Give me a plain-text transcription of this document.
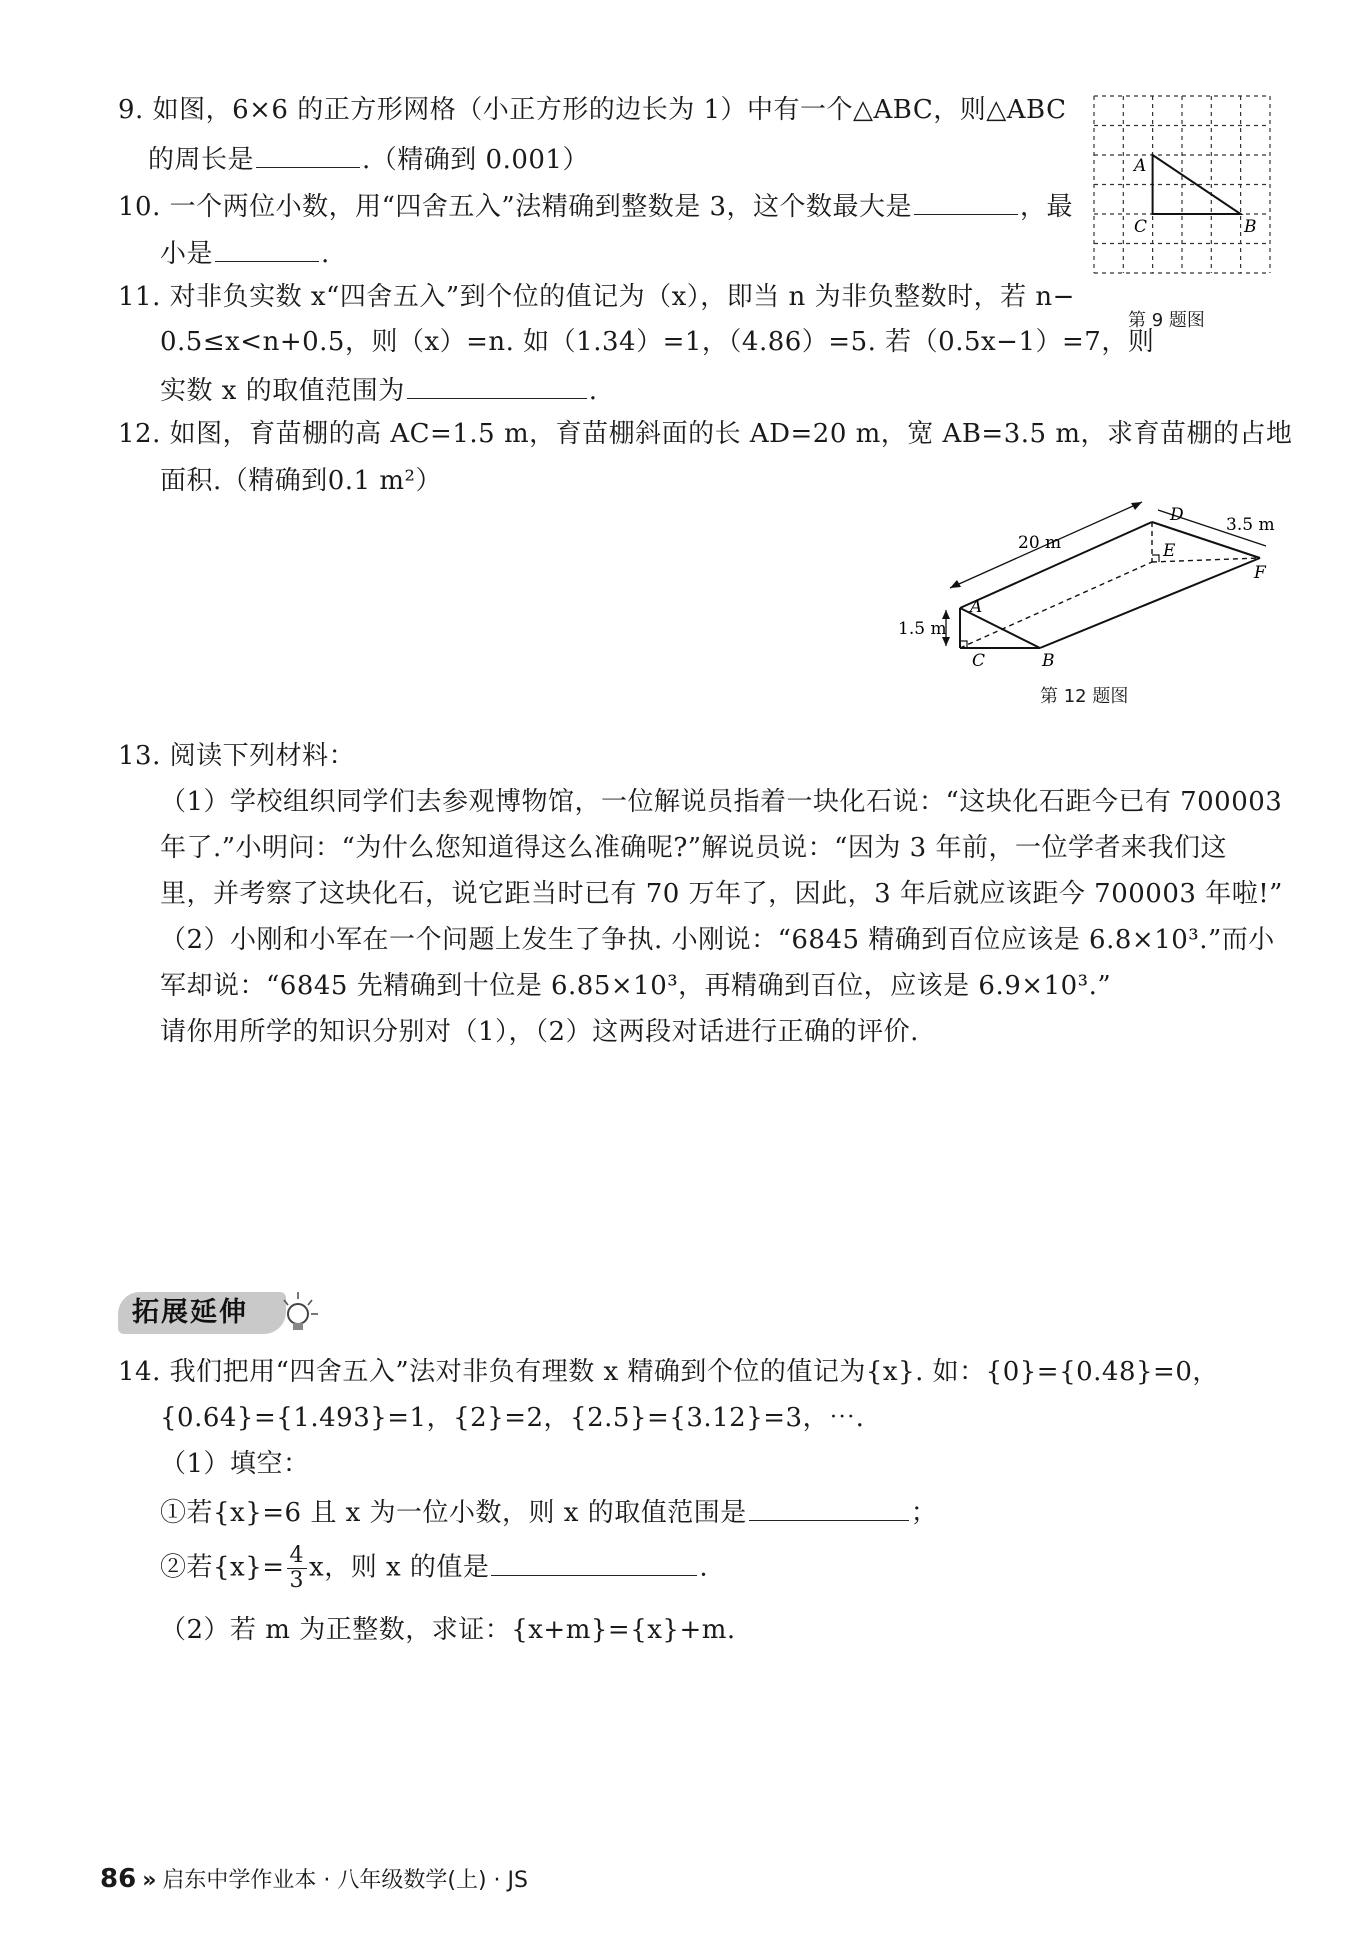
9. 如图，6×6 的正方形网格（小正方形的边长为 1）中有一个△ABC，则△ABC
的周长是	.（精确到 0.001）	A
C	B
第 9 题图
10. 一个两位小数，用“四舍五入”法精确到整数是 3，这个数最大是	，最
小是	.
11. 对非负实数 x“四舍五入”到个位的值记为（x），即当 n 为非负整数时，若 n−
0.5≤x<n+0.5，则（x）=n. 如（1.34）=1，（4.86）=5. 若（0.5x−1）=7，则
实数 x 的取值范围为	.
12. 如图，育苗棚的高 AC=1.5 m，育苗棚斜面的长 AD=20 m，宽 AB=3.5 m，求育苗棚的占地
面积.（精确到0.1 m²）
20 m
3.5 m
1.5 m
A
B
C
D
E
F
第 12 题图
13. 阅读下列材料：
（1）学校组织同学们去参观博物馆，一位解说员指着一块化石说：“这块化石距今已有 700003
年了.”小明问：“为什么您知道得这么准确呢?”解说员说：“因为 3 年前，一位学者来我们这
里，并考察了这块化石，说它距当时已有 70 万年了，因此，3 年后就应该距今 700003 年啦!”
（2）小刚和小军在一个问题上发生了争执. 小刚说：“6845 精确到百位应该是 6.8×10³.”而小
军却说：“6845 先精确到十位是 6.85×10³，再精确到百位，应该是 6.9×10³.”
请你用所学的知识分别对（1），（2）这两段对话进行正确的评价.
拓展延伸
14. 我们把用“四舍五入”法对非负有理数 x 精确到个位的值记为{x}. 如：{0}={0.48}=0，
{0.64}={1.493}=1，{2}=2，{2.5}={3.12}=3，⋯.
（1）填空：
①若{x}=6 且 x 为一位小数，则 x 的取值范围是	；
②若$\{x\}= \frac{4}{3}$ x，则 x 的值是	.
（2）若 m 为正整数，求证：{x+m}={x}+m.
86 » 启东中学作业本 · 八年级数学(上) · JS
